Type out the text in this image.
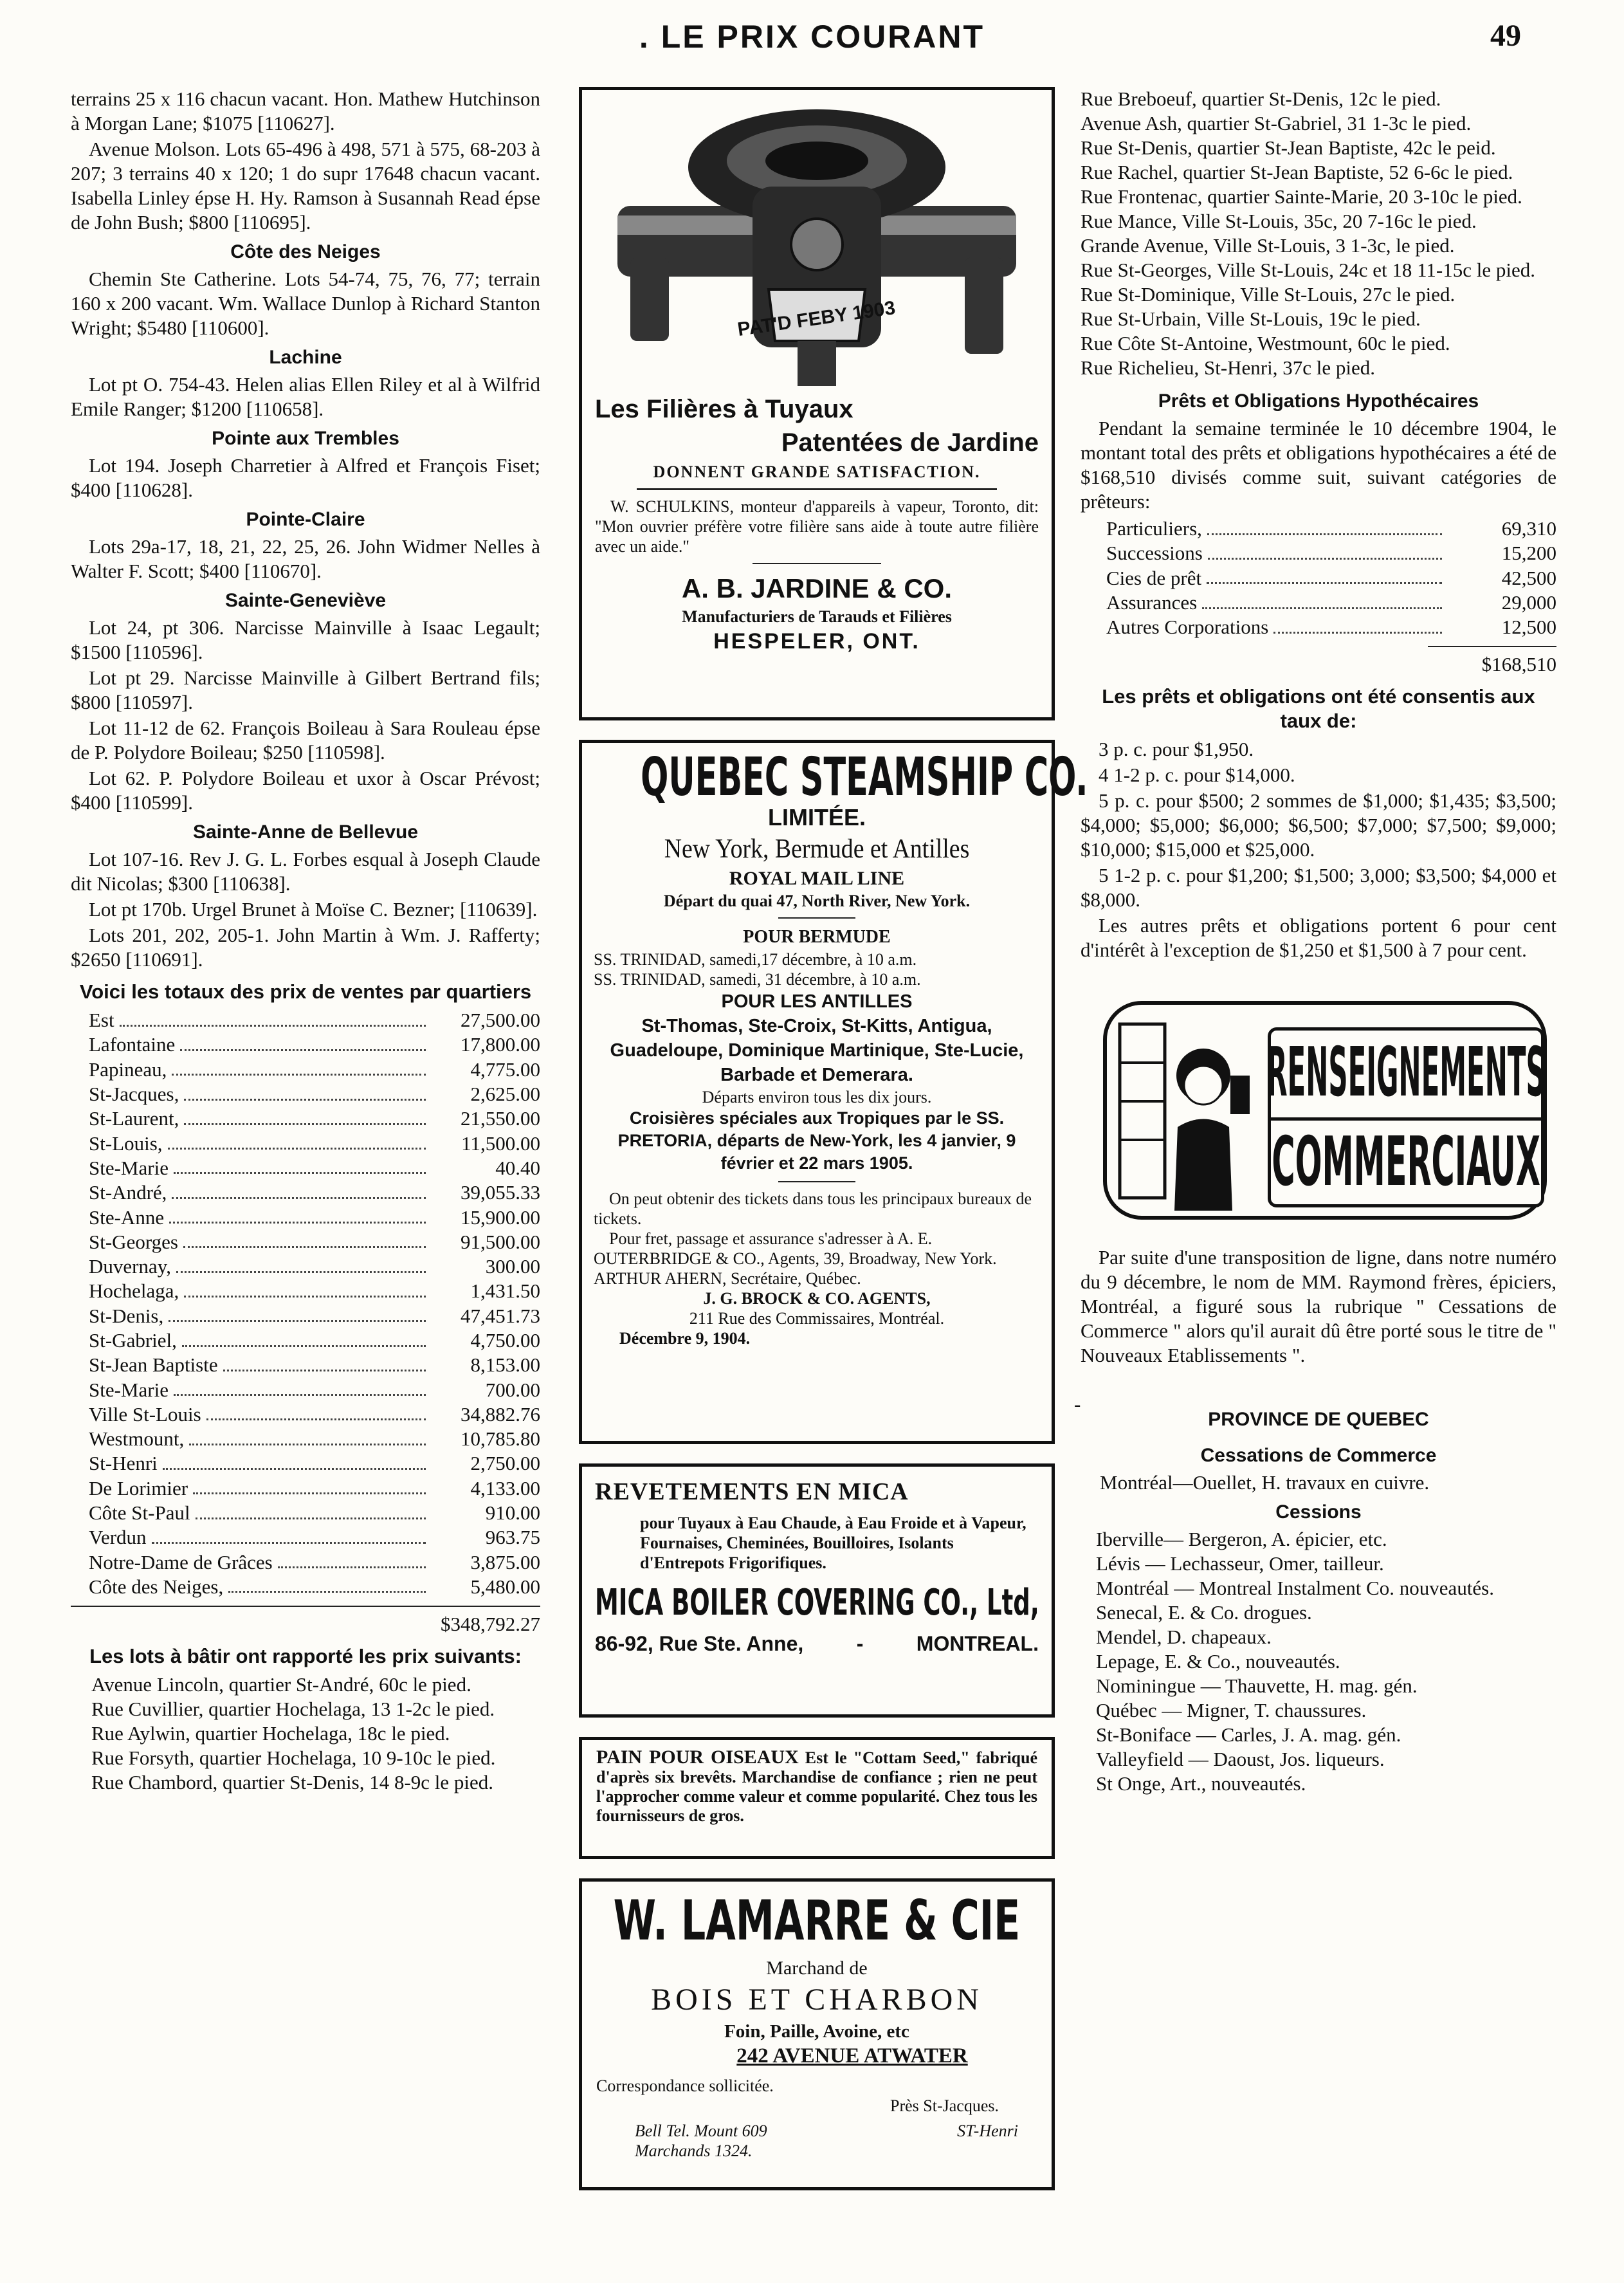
. LE PRIX COURANT	49

terrains 25 x 116 chacun vacant. Hon. Mathew Hutchinson à Morgan Lane; $1075 [110627].

Avenue Molson. Lots 65-496 à 498, 571 à 575, 68-203 à 207; 3 terrains 40 x 120; 1 do supr 17648 chacun vacant. Isabella Linley épse H. Hy. Ramson à Susannah Read épse de John Bush; $800 [110695].

Côte des Neiges

Chemin Ste Catherine. Lots 54-74, 75, 76, 77; terrain 160 x 200 vacant. Wm. Wallace Dunlop à Richard Stanton Wright; $5480 [110600].

Lachine

Lot pt O. 754-43. Helen alias Ellen Riley et al à Wilfrid Emile Ranger; $1200 [110658].

Pointe aux Trembles

Lot 194. Joseph Charretier à Alfred et François Fiset; $400 [110628].

Pointe-Claire

Lots 29a-17, 18, 21, 22, 25, 26. John Widmer Nelles à Walter F. Scott; $400 [110670].

Sainte-Geneviève

Lot 24, pt 306. Narcisse Mainville à Isaac Legault; $1500 [110596].

Lot pt 29. Narcisse Mainville à Gilbert Bertrand fils; $800 [110597].

Lot 11-12 de 62. François Boileau à Sara Rouleau épse de P. Polydore Boileau; $250 [110598].

Lot 62. P. Polydore Boileau et uxor à Oscar Prévost; $400 [110599].

Sainte-Anne de Bellevue

Lot 107-16. Rev J. G. L. Forbes esqual à Joseph Claude dit Nicolas; $300 [110638].

Lot pt 170b. Urgel Brunet à Moïse C. Bezner; [110639].

Lots 201, 202, 205-1. John Martin à Wm. J. Rafferty; $2650 [110691].

Voici les totaux des prix de ventes par quartiers
Est	27,500.00
Lafontaine	17,800.00
Papineau,	4,775.00
St-Jacques,	2,625.00
St-Laurent,	21,550.00
St-Louis,	11,500.00
Ste-Marie	40.40
St-André,	39,055.33
Ste-Anne	15,900.00
St-Georges	91,500.00
Duvernay,	300.00
Hochelaga,	1,431.50
St-Denis,	47,451.73
St-Gabriel,	4,750.00
St-Jean Baptiste	8,153.00
Ste-Marie	700.00
Ville St-Louis	34,882.76
Westmount,	10,785.80
St-Henri	2,750.00
De Lorimier	4,133.00
Côte St-Paul	910.00
Verdun	963.75
Notre-Dame de Grâces	3,875.00
Côte des Neiges,	5,480.00
$348,792.27
Les lots à bâtir ont rapporté les prix suivants:

Avenue Lincoln, quartier St-André, 60c le pied.

Rue Cuvillier, quartier Hochelaga, 13 1-2c le pied.

Rue Aylwin, quartier Hochelaga, 18c le pied.

Rue Forsyth, quartier Hochelaga, 10 9-10c le pied.

Rue Chambord, quartier St-Denis, 14 8-9c le pied.

PAT'D FEBY 1903
Les Filières à Tuyaux
Patentées de Jardine
DONNENT GRANDE SATISFACTION.
W. SCHULKINS, monteur d'appareils à vapeur, Toronto, dit: "Mon ouvrier préfère votre filière sans aide à toute autre filière avec un aide."
A. B. JARDINE & CO.
Manufacturiers de Tarauds et Filières
HESPELER, ONT.
QUEBEC STEAMSHIP CO.
LIMITÉE.
New York, Bermude et Antilles
ROYAL MAIL LINE
Départ du quai 47, North River, New York.
POUR BERMUDE
SS. TRINIDAD, samedi,17 décembre, à 10 a.m.
SS. TRINIDAD, samedi, 31 décembre, à 10 a.m.
POUR LES ANTILLES
St-Thomas, Ste-Croix, St-Kitts, Antigua, Guadeloupe, Dominique Martinique, Ste-Lucie, Barbade et Demerara.
Départs environ tous les dix jours.
Croisières spéciales aux Tropiques par le SS. PRETORIA, départs de New-York, les 4 janvier, 9 février et 22 mars 1905.
On peut obtenir des tickets dans tous les principaux bureaux de tickets.
Pour fret, passage et assurance s'adresser à A. E. OUTERBRIDGE & CO., Agents, 39, Broadway, New York. ARTHUR AHERN, Secrétaire, Québec.
J. G. BROCK & CO. AGENTS,
211 Rue des Commissaires, Montréal.
Décembre 9, 1904.
REVETEMENTS EN MICA
pour Tuyaux à Eau Chaude, à Eau Froide et à Vapeur, Fournaises, Cheminées, Bouilloires, Isolants d'Entrepots Frigorifiques.
MICA BOILER COVERING CO., Ltd,
86-92, Rue Ste. Anne,	-	MONTREAL.
PAIN POUR OISEAUX Est le "Cottam Seed," fabriqué d'après six brevêts. Marchandise de confiance ; rien ne peut l'approcher comme valeur et comme popularité. Chez tous les fournisseurs de gros.
W. LAMARRE & CIE
Marchand de
BOIS ET CHARBON
Foin, Paille, Avoine, etc
242 AVENUE ATWATER
Correspondance sollicitée.
Près St-Jacques.
Bell Tel. Mount 609	ST-Henri
Marchands 1324.

Rue Breboeuf, quartier St-Denis, 12c le pied.

Avenue Ash, quartier St-Gabriel, 31 1-3c le pied.

Rue St-Denis, quartier St-Jean Baptiste, 42c le peid.

Rue Rachel, quartier St-Jean Baptiste, 52 6-6c le pied.

Rue Frontenac, quartier Sainte-Marie, 20 3-10c le pied.

Rue Mance, Ville St-Louis, 35c, 20 7-16c le pied.

Grande Avenue, Ville St-Louis, 3 1-3c, le pied.

Rue St-Georges, Ville St-Louis, 24c et 18 11-15c le pied.

Rue St-Dominique, Ville St-Louis, 27c le pied.

Rue St-Urbain, Ville St-Louis, 19c le pied.

Rue Côte St-Antoine, Westmount, 60c le pied.

Rue Richelieu, St-Henri, 37c le pied.

Prêts et Obligations Hypothécaires

Pendant la semaine terminée le 10 décembre 1904, le montant total des prêts et obligations hypothécaires a été de $168,510 divisés comme suit, suivant catégories de prêteurs:

Particuliers,	69,310
Successions	15,200
Cies de prêt	42,500
Assurances	29,000
Autres Corporations	12,500
$168,510
Les prêts et obligations ont été consentis aux taux de:

3 p. c. pour $1,950.

4 1-2 p. c. pour $14,000.

5 p. c. pour $500; 2 sommes de $1,000; $1,435; $3,500; $4,000; $5,000; $6,000; $6,500; $7,000; $7,500; $9,000; $10,000; $15,000 et $25,000.

5 1-2 p. c. pour $1,200; $1,500; 3,000; $3,500; $4,000 et $8,000.

Les autres prêts et obligations portent 6 pour cent d'intérêt à l'exception de $1,250 et $1,500 à 7 pour cent.

RENSEIGNEMENTS
COMMERCIAUX

Par suite d'une transposition de ligne, dans notre numéro du 9 décembre, le nom de MM. Raymond frères, épiciers, Montréal, a figuré sous la rubrique " Cessations de Commerce " alors qu'il aurait dû être porté sous le titre de " Nouveaux Etablissements ".

-
PROVINCE DE QUEBEC
Cessations de Commerce
Montréal—Ouellet, H. travaux en cuivre.
Cessions

Iberville— Bergeron, A. épicier, etc.

Lévis — Lechasseur, Omer, tailleur.

Montréal — Montreal Instalment Co. nouveautés.

Senecal, E. & Co. drogues.

Mendel, D. chapeaux.

Lepage, E. & Co., nouveautés.

Nominingue — Thauvette, H. mag. gén.

Québec — Migner, T. chaussures.

St-Boniface — Carles, J. A. mag. gén.

Valleyfield — Daoust, Jos. liqueurs.

St Onge, Art., nouveautés.
